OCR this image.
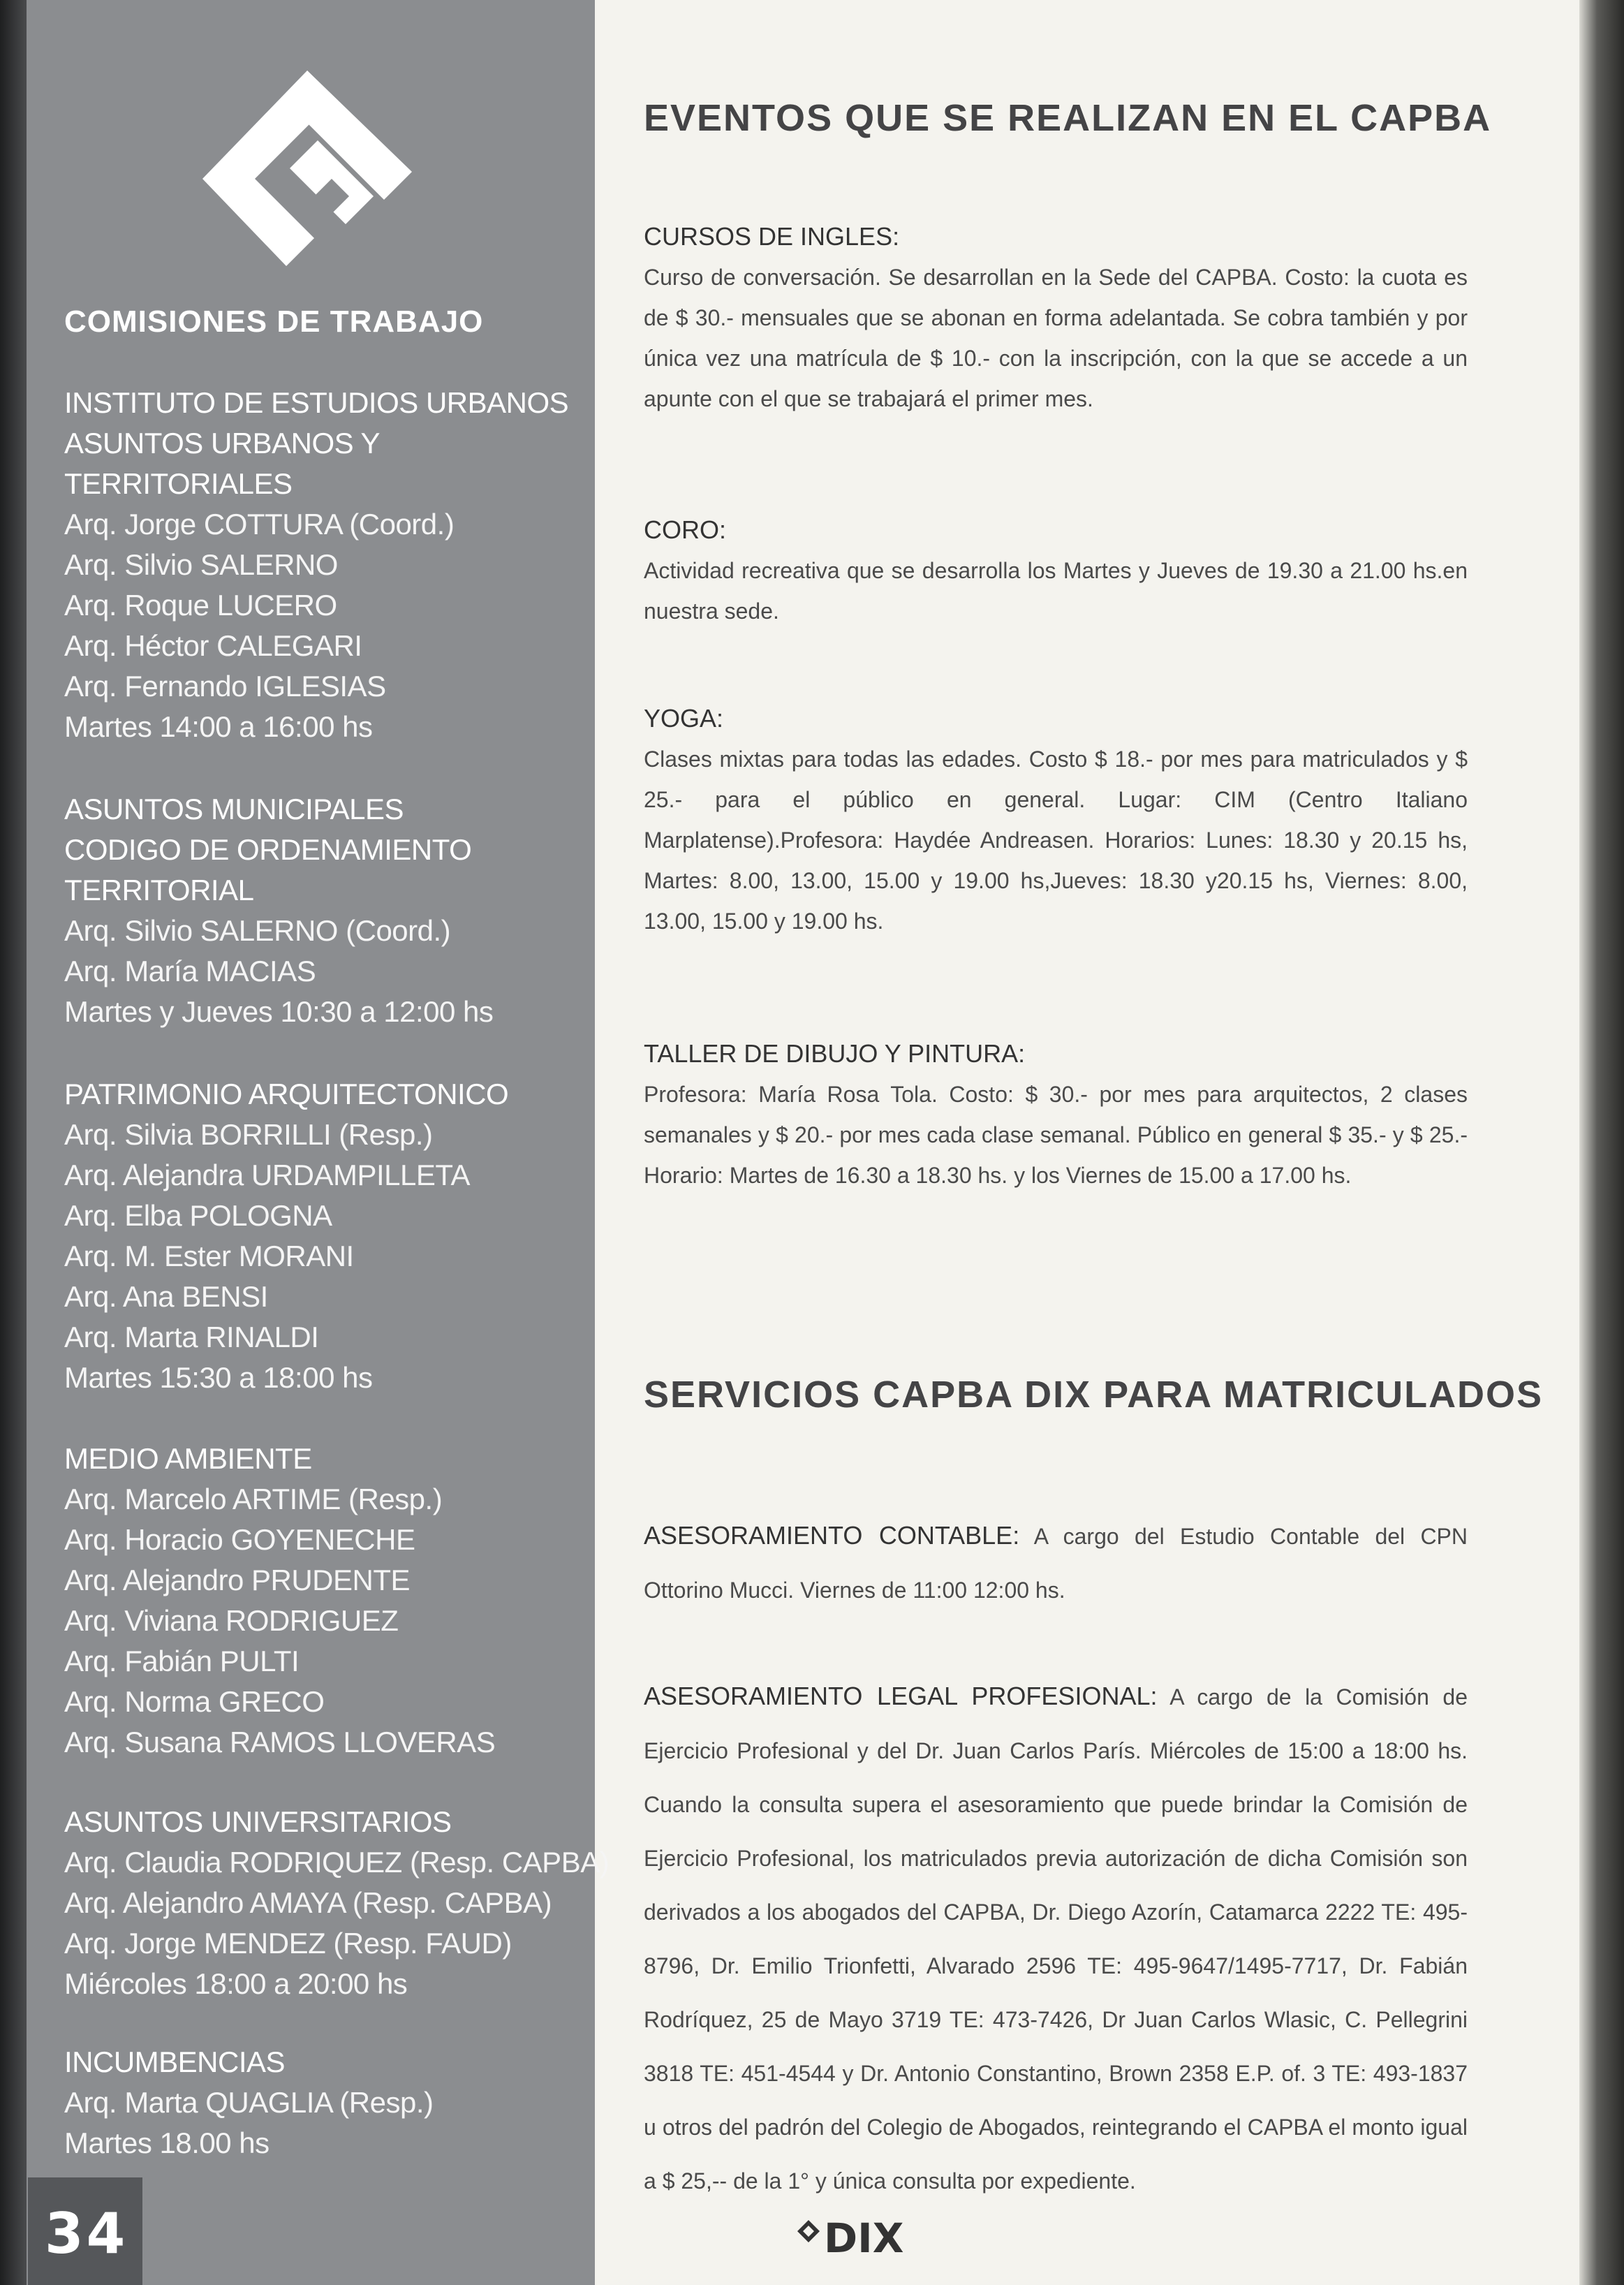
COMISIONES DE TRABAJO
INSTITUTO DE ESTUDIOS URBANOS
ASUNTOS URBANOS Y
TERRITORIALES
Arq. Jorge COTTURA (Coord.)
Arq. Silvio SALERNO
Arq. Roque LUCERO
Arq. Héctor CALEGARI
Arq. Fernando IGLESIAS
Martes 14:00 a 16:00 hs
ASUNTOS MUNICIPALES
CODIGO DE ORDENAMIENTO
TERRITORIAL
Arq. Silvio SALERNO (Coord.)
Arq. María MACIAS
Martes y Jueves 10:30 a 12:00 hs
PATRIMONIO ARQUITECTONICO
Arq. Silvia BORRILLI (Resp.)
Arq. Alejandra URDAMPILLETA
Arq. Elba POLOGNA
Arq. M. Ester MORANI
Arq. Ana BENSI
Arq. Marta RINALDI
Martes 15:30 a 18:00 hs
MEDIO AMBIENTE
Arq. Marcelo ARTIME (Resp.)
Arq. Horacio GOYENECHE
Arq. Alejandro PRUDENTE
Arq. Viviana RODRIGUEZ
Arq. Fabián PULTI
Arq. Norma GRECO
Arq. Susana RAMOS LLOVERAS
ASUNTOS UNIVERSITARIOS
Arq. Claudia RODRIQUEZ (Resp. CAPBA)
Arq. Alejandro AMAYA (Resp. CAPBA)
Arq. Jorge MENDEZ (Resp. FAUD)
Miércoles 18:00 a 20:00 hs
INCUMBENCIAS
Arq. Marta QUAGLIA (Resp.)
Martes 18.00 hs
34
EVENTOS QUE SE REALIZAN EN EL CAPBA
CURSOS DE INGLES:
Curso de conversación. Se desarrollan en la Sede del CAPBA. Costo: la cuota es de $ 30.- mensuales que se abonan en forma adelantada. Se cobra también y por única vez una matrícula de $ 10.- con la inscripción, con la que se accede a un apunte con el que se trabajará el primer mes.
CORO:
Actividad recreativa que se desarrolla los Martes y Jueves de 19.30 a 21.00 hs.en nuestra sede.
YOGA:
Clases mixtas para todas las edades. Costo $ 18.- por mes para matriculados y $ 25.- para el público en general. Lugar: CIM (Centro Italiano Marplatense).Profesora: Haydée Andreasen. Horarios: Lunes: 18.30 y 20.15 hs, Martes: 8.00, 13.00, 15.00 y 19.00 hs,Jueves: 18.30 y20.15 hs, Viernes: 8.00, 13.00, 15.00 y 19.00 hs.
TALLER DE DIBUJO Y PINTURA:
Profesora: María Rosa Tola. Costo: $ 30.- por mes para arquitectos, 2 clases semanales y $ 20.- por mes cada clase semanal. Público en general $ 35.- y $ 25.- Horario: Martes de 16.30 a 18.30 hs. y los Viernes de 15.00 a 17.00 hs.
SERVICIOS CAPBA DIX PARA MATRICULADOS
ASESORAMIENTO CONTABLE: A cargo del Estudio Contable del CPN Ottorino Mucci. Viernes de 11:00 12:00 hs.
ASESORAMIENTO LEGAL PROFESIONAL: A cargo de la Comisión de Ejercicio Profesional y del Dr. Juan Carlos París. Miércoles de 15:00 a 18:00 hs. Cuando la consulta supera el asesoramiento que puede brindar la Comisión de Ejercicio Profesional, los matriculados previa autorización de dicha Comisión son derivados a los abogados del CAPBA, Dr. Diego Azorín, Catamarca 2222 TE: 495-8796, Dr. Emilio Trionfetti, Alvarado 2596 TE: 495-9647/1495-7717, Dr. Fabián Rodríquez, 25 de Mayo 3719 TE: 473-7426, Dr Juan Carlos Wlasic, C. Pellegrini 3818 TE: 451-4544 y Dr. Antonio Constantino, Brown 2358 E.P. of. 3 TE: 493-1837 u otros del padrón del Colegio de Abogados, reintegrando el CAPBA el monto igual a $ 25,-- de la 1° y única consulta por expediente.
DIX
